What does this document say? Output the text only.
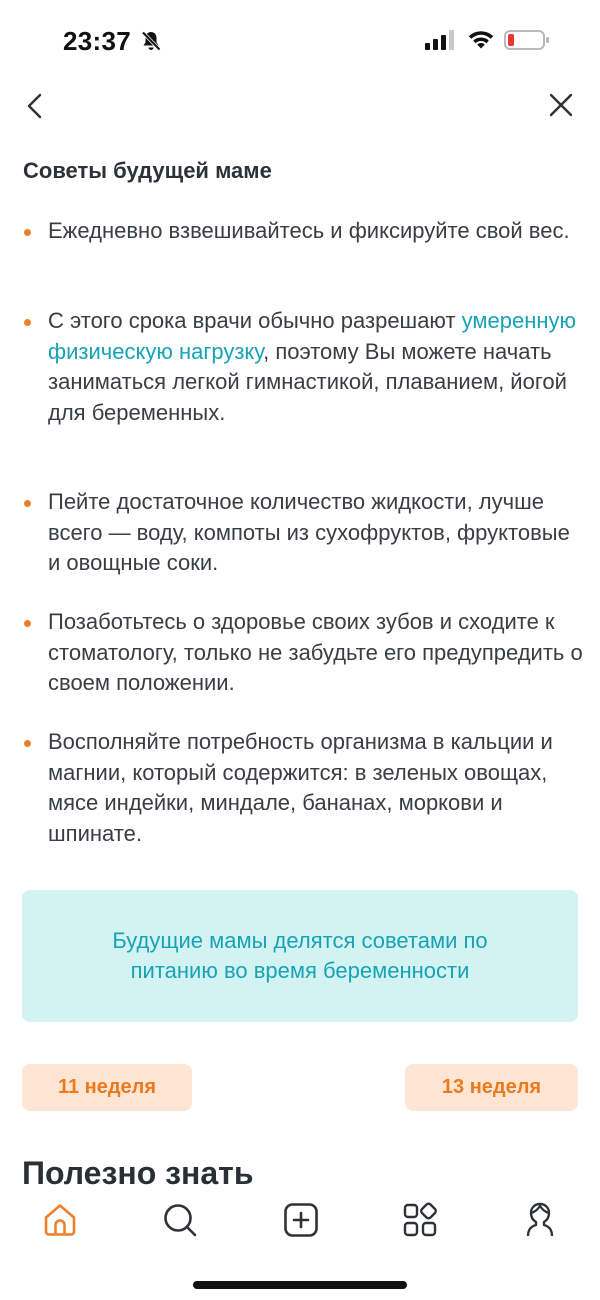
23:37
Советы будущей маме
Ежедневно взвешивайтесь и фиксируйте свой вес.
С этого срока врачи обычно разрешают умеренную физическую нагрузку, поэтому Вы можете начать заниматься легкой гимнастикой, плаванием, йогой для беременных.
Пейте достаточное количество жидкости, лучше всего — воду, компоты из сухофруктов, фруктовые и овощные соки.
Позаботьтесь о здоровье своих зубов и сходите к стоматологу, только не забудьте его предупредить о своем положении.
Восполняйте потребность организма в кальции и магнии, который содержится: в зеленых овощах, мясе индейки, миндале, бананах, моркови и шпинате.
Будущие мамы делятся советами по питанию во время беременности
11 неделя	13 неделя
Полезно знать
